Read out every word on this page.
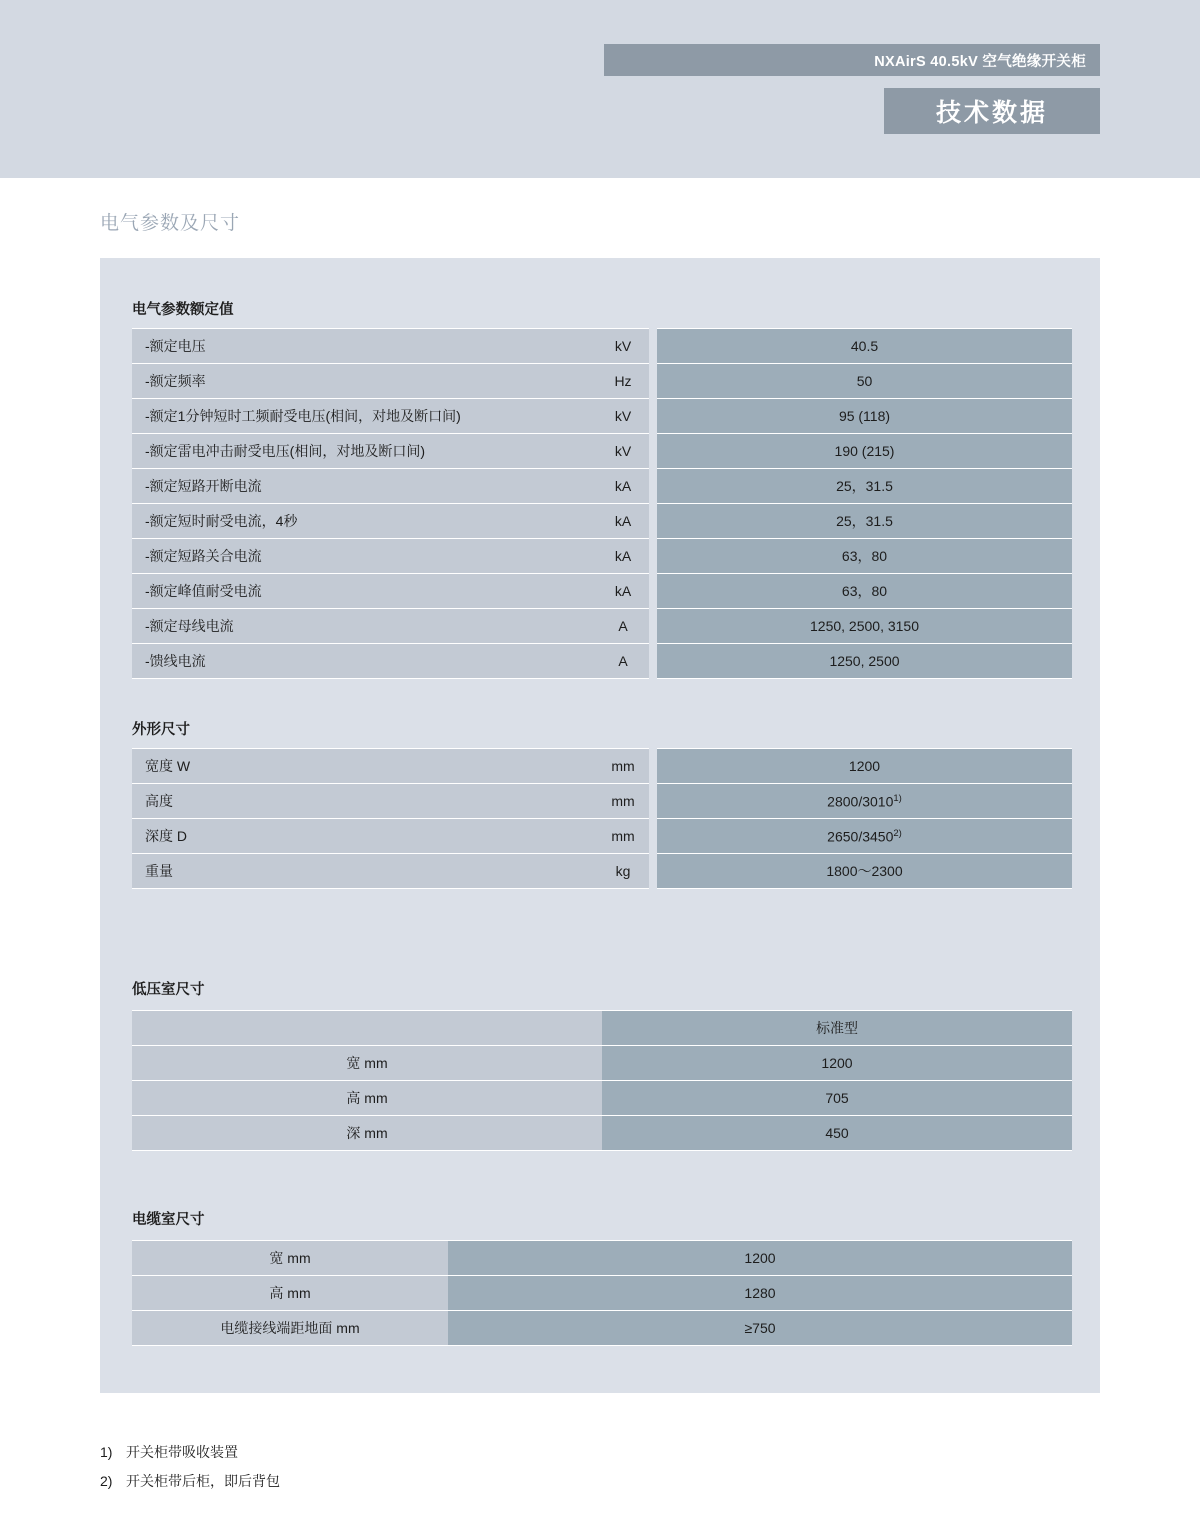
NXAirS 40.5kV 空气绝缘开关柜
技术数据
电气参数及尺寸
电气参数额定值
-额定电压	kV		40.5
-额定频率	Hz		50
-额定1分钟短时工频耐受电压(相间，对地及断口间)	kV		95 (118)
-额定雷电冲击耐受电压(相间，对地及断口间)	kV		190 (215)
-额定短路开断电流	kA		25，31.5
-额定短时耐受电流，4秒	kA		25，31.5
-额定短路关合电流	kA		63，80
-额定峰值耐受电流	kA		63，80
-额定母线电流	A		1250, 2500, 3150
-馈线电流	A		1250, 2500
外形尺寸
宽度 W	mm		1200
高度	mm		2800/3010$^{1)}$
深度 D	mm		2650/3450$^{2)}$
重量	kg		1800～2300
低压室尺寸
	标准型
宽 mm	1200
高 mm	705
深 mm	450
电缆室尺寸
宽 mm	1200
高 mm	1280
电缆接线端距地面 mm	≥750
1) 开关柜带吸收装置
2) 开关柜带后柜，即后背包
